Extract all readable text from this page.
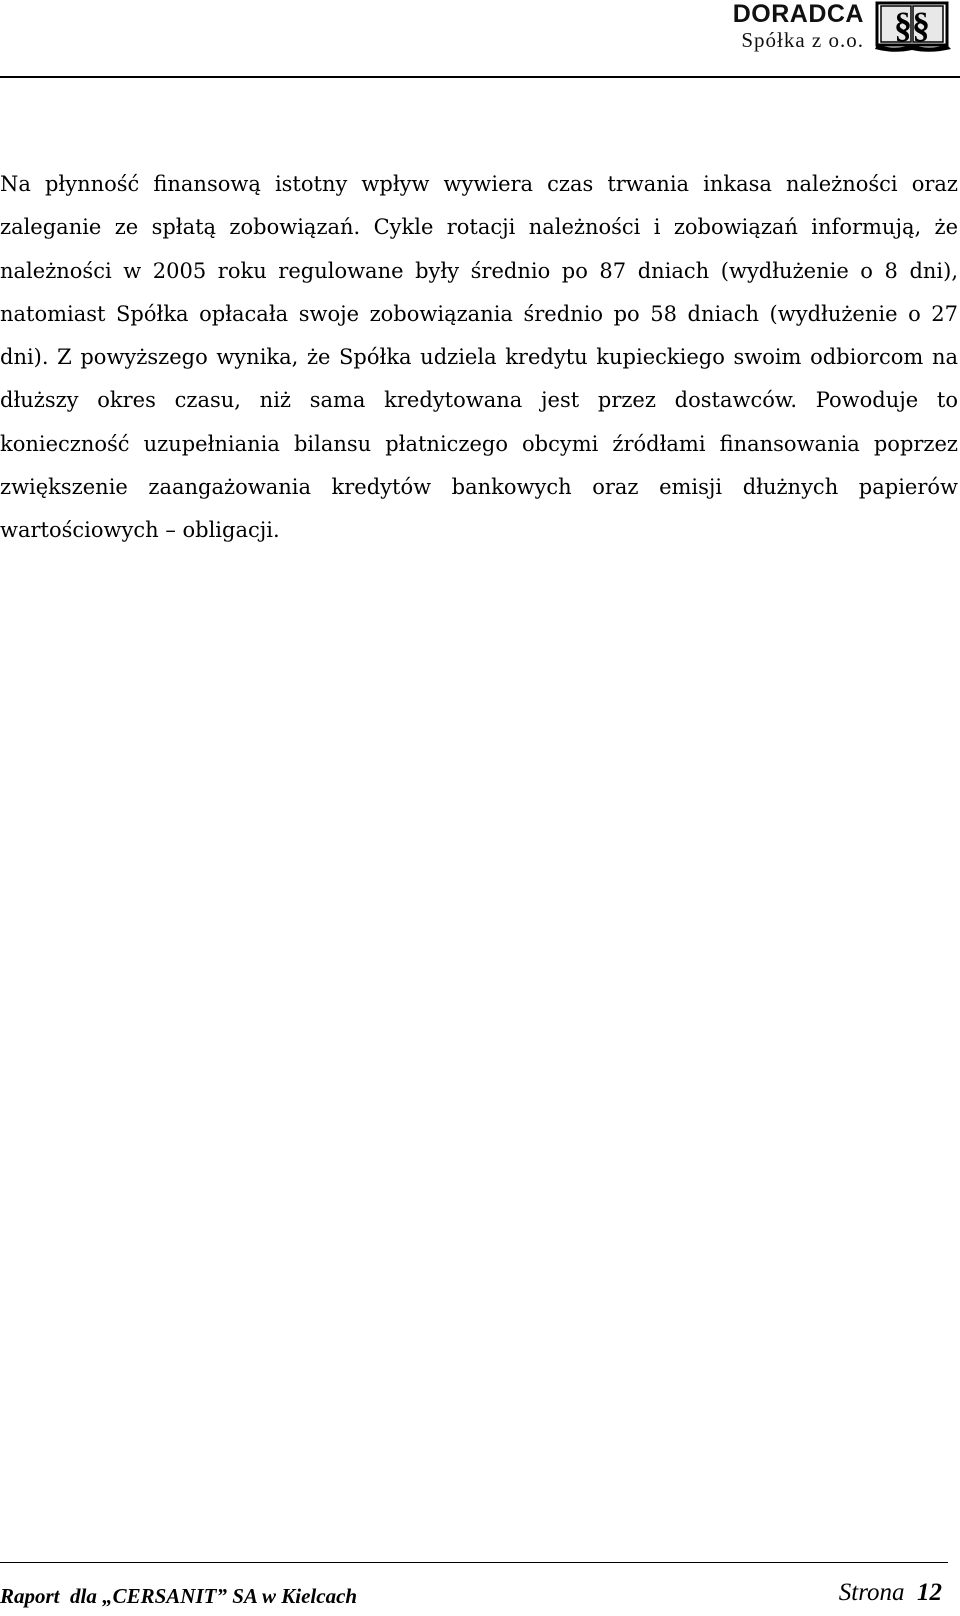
DORADCA
Spółka z o.o. §§

Na płynność finansową istotny wpływ wywiera czas trwania inkasa należności oraz zaleganie ze spłatą zobowiązań. Cykle rotacji należności i zobowiązań informują, że należności w 2005 roku regulowane były średnio po 87 dniach (wydłużenie o 8 dni), natomiast Spółka opłacała swoje zobowiązania średnio po 58 dniach (wydłużenie o 27 dni). Z powyższego wynika, że Spółka udziela kredytu kupieckiego swoim odbiorcom na dłuższy okres czasu, niż sama kredytowana jest przez dostawców. Powoduje to konieczność uzupełniania bilansu płatniczego obcymi źródłami finansowania poprzez zwiększenie zaangażowania kredytów bankowych oraz emisji dłużnych papierów wartościowych – obligacji.

Raport  dla „CERSANIT” SA w Kielcach	Strona 12
